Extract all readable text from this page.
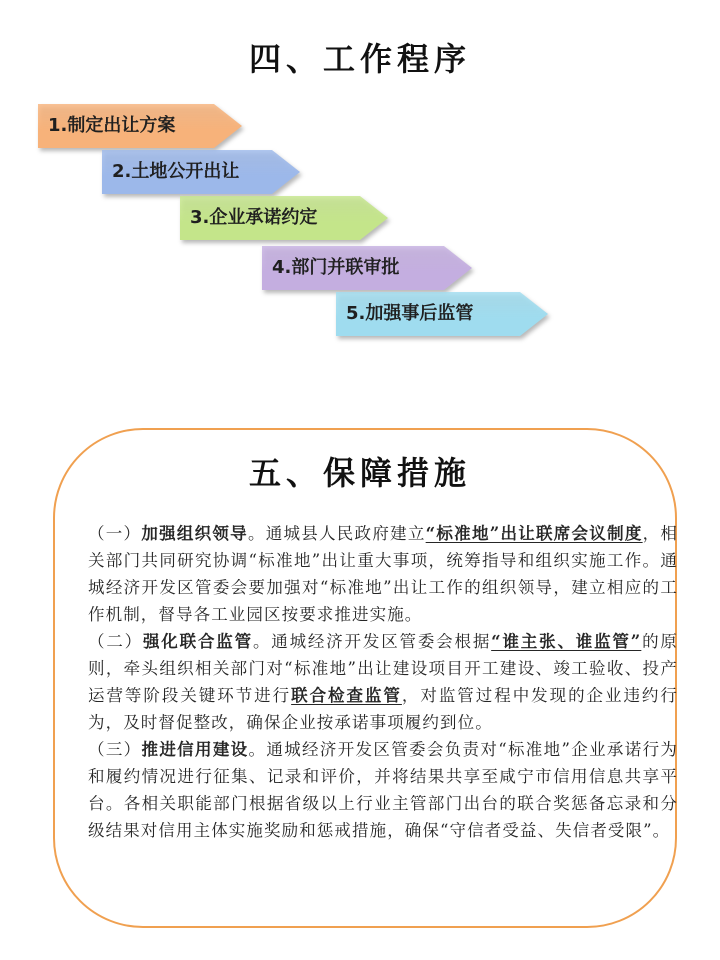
四、工作程序
1.制定出让方案
2.土地公开出让
3.企业承诺约定
4.部门并联审批
5.加强事后监管
五、保障措施

（一）加强组织领导。通城县人民政府建立“标准地”出让联席会议制度，相关部门共同研究协调“标准地”出让重大事项，统筹指导和组织实施工作。通城经济开发区管委会要加强对“标准地”出让工作的组织领导，建立相应的工作机制，督导各工业园区按要求推进实施。

（二）强化联合监管。通城经济开发区管委会根据“谁主张、谁监管”的原则，牵头组织相关部门对“标准地”出让建设项目开工建设、竣工验收、投产运营等阶段关键环节进行联合检查监管，对监管过程中发现的企业违约行为，及时督促整改，确保企业按承诺事项履约到位。

（三）推进信用建设。通城经济开发区管委会负责对“标准地”企业承诺行为和履约情况进行征集、记录和评价，并将结果共享至咸宁市信用信息共享平台。各相关职能部门根据省级以上行业主管部门出台的联合奖惩备忘录和分级结果对信用主体实施奖励和惩戒措施，确保“守信者受益、失信者受限”。
